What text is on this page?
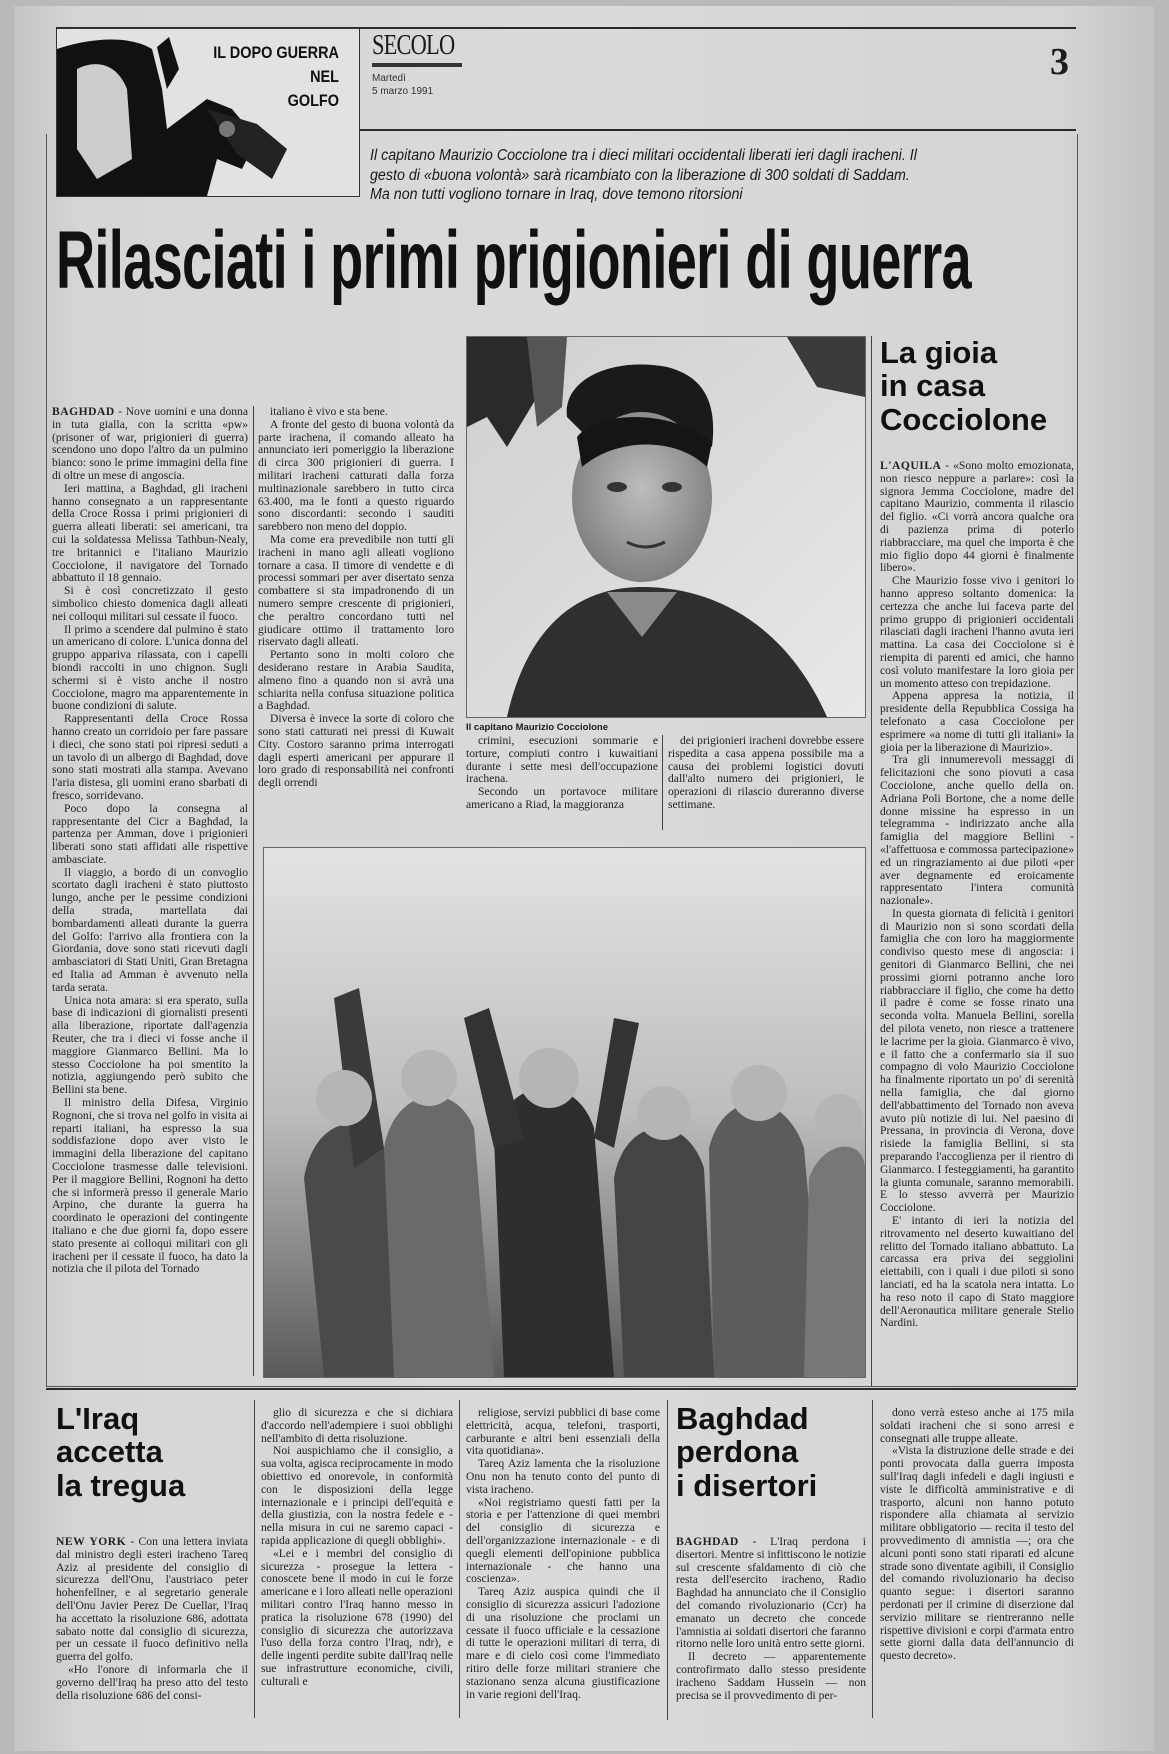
IL DOPO GUERRA
NEL
GOLFO
SECOLO
Martedì
5 marzo 1991
3
Il capitano Maurizio Cocciolone tra i dieci militari occidentali liberati ieri dagli iracheni. Il gesto di «buona volontà» sarà ricambiato con la liberazione di 300 soldati di Saddam. Ma non tutti vogliono tornare in Iraq, dove temono ritorsioni
Rilasciati i primi prigionieri di guerra

BAGHDAD - Nove uomini e una donna in tuta gialla, con la scritta «pw» (prisoner of war, prigionieri di guerra) scendono uno dopo l'altro da un pulmino bianco: sono le prime immagini della fine di oltre un mese di angoscia.

Ieri mattina, a Baghdad, gli iracheni hanno consegnato a un rappresentante della Croce Rossa i primi prigionieri di guerra alleati liberati: sei americani, tra cui la soldatessa Melissa Tathbun-Nealy, tre britannici e l'italiano Maurizio Cocciolone, il navigatore del Tornado abbattuto il 18 gennaio.

Si è così concretizzato il gesto simbolico chiesto domenica dagli alleati nei colloqui militari sul cessate il fuoco.

Il primo a scendere dal pulmino è stato un americano di colore. L'unica donna del gruppo appariva rilassata, con i capelli biondi raccolti in uno chignon. Sugli schermi si è visto anche il nostro Cocciolone, magro ma apparentemente in buone condizioni di salute.

Rappresentanti della Croce Rossa hanno creato un corridoio per fare passare i dieci, che sono stati poi ripresi seduti a un tavolo di un albergo di Baghdad, dove sono stati mostrati alla stampa. Avevano l'aria distesa, gli uomini erano sbarbati di fresco, sorridevano.

Poco dopo la consegna al rappresentante del Cicr a Baghdad, la partenza per Amman, dove i prigionieri liberati sono stati affidati alle rispettive ambasciate.

Il viaggio, a bordo di un convoglio scortato dagli iracheni è stato piuttosto lungo, anche per le pessime condizioni della strada, martellata dai bombardamenti alleati durante la guerra del Golfo: l'arrivo alla frontiera con la Giordania, dove sono stati ricevuti dagli ambasciatori di Stati Uniti, Gran Bretagna ed Italia ad Amman è avvenuto nella tarda serata.

Unica nota amara: si era sperato, sulla base di indicazioni di giornalisti presenti alla liberazione, riportate dall'agenzia Reuter, che tra i dieci vi fosse anche il maggiore Gianmarco Bellini. Ma lo stesso Cocciolone ha poi smentito la notizia, aggiungendo però subito che Bellini sta bene.

Il ministro della Difesa, Virginio Rognoni, che si trova nel golfo in visita ai reparti italiani, ha espresso la sua soddisfazione dopo aver visto le immagini della liberazione del capitano Cocciolone trasmesse dalle televisioni. Per il maggiore Bellini, Rognoni ha detto che si informerà presso il generale Mario Arpino, che durante la guerra ha coordinato le operazioni del contingente italiano e che due giorni fa, dopo essere stato presente ai colloqui militari con gli iracheni per il cessate il fuoco, ha dato la notizia che il pilota del Tornado

italiano è vivo e sta bene.

A fronte del gesto di buona volontà da parte irachena, il comando alleato ha annunciato ieri pomeriggio la liberazione di circa 300 prigionieri di guerra. I militari iracheni catturati dalla forza multinazionale sarebbero in tutto circa 63.400, ma le fonti a questo riguardo sono discordanti: secondo i sauditi sarebbero non meno del doppio.

Ma come era prevedibile non tutti gli iracheni in mano agli alleati vogliono tornare a casa. Il timore di vendette e di processi sommari per aver disertato senza combattere si sta impadronendo di un numero sempre crescente di prigionieri, che peraltro concordano tutti nel giudicare ottimo il trattamento loro riservato dagli alleati.

Pertanto sono in molti coloro che desiderano restare in Arabia Saudita, almeno fino a quando non si avrà una schiarita nella confusa situazione politica a Baghdad.

Diversa è invece la sorte di coloro che sono stati catturati nei pressi di Kuwait City. Costoro saranno prima interrogati dagli esperti americani per appurare il loro grado di responsabilità nei confronti degli orrendi

Il capitano Maurizio Cocciolone

crimini, esecuzioni sommarie e torture, compiuti contro i kuwaitiani durante i sette mesi dell'occupazione irachena.

Secondo un portavoce militare americano a Riad, la maggioranza

dei prigionieri iracheni dovrebbe essere rispedita a casa appena possibile ma a causa dei problemi logistici dovuti dall'alto numero dei prigionieri, le operazioni di rilascio dureranno diverse settimane.

La gioia
in casa
Cocciolone

L'AQUILA - «Sono molto emozionata, non riesco neppure a parlare»: così la signora Jemma Cocciolone, madre del capitano Maurizio, commenta il rilascio del figlio. «Ci vorrà ancora qualche ora di pazienza prima di poterlo riabbracciare, ma quel che importa è che mio figlio dopo 44 giorni è finalmente libero».

Che Maurizio fosse vivo i genitori lo hanno appreso soltanto domenica: la certezza che anche lui faceva parte del primo gruppo di prigionieri occidentali rilasciati dagli iracheni l'hanno avuta ieri mattina. La casa dei Cocciolone si è riempita di parenti ed amici, che hanno così voluto manifestare la loro gioia per un momento atteso con trepidazione.

Appena appresa la notizia, il presidente della Repubblica Cossiga ha telefonato a casa Cocciolone per esprimere «a nome di tutti gli italiani» la gioia per la liberazione di Maurizio».

Tra gli innumerevoli messaggi di felicitazioni che sono piovuti a casa Cocciolone, anche quello della on. Adriana Poli Bortone, che a nome delle donne missine ha espresso in un telegramma - indirizzato anche alla famiglia del maggiore Bellini - «l'affettuosa e commossa partecipazione» ed un ringraziamento ai due piloti «per aver degnamente ed eroicamente rappresentato l'intera comunità nazionale».

In questa giornata di felicità i genitori di Maurizio non si sono scordati della famiglia che con loro ha maggiormente condiviso questo mese di angoscia: i genitori di Gianmarco Bellini, che nei prossimi giorni potranno anche loro riabbracciare il figlio, che come ha detto il padre è come se fosse rinato una seconda volta. Manuela Bellini, sorella del pilota veneto, non riesce a trattenere le lacrime per la gioia. Gianmarco è vivo, e il fatto che a confermarlo sia il suo compagno di volo Maurizio Cocciolone ha finalmente riportato un po' di serenità nella famiglia, che dal giorno dell'abbattimento del Tornado non aveva avuto più notizie di lui. Nel paesino di Pressana, in provincia di Verona, dove risiede la famiglia Bellini, si sta preparando l'accoglienza per il rientro di Gianmarco. I festeggiamenti, ha garantito la giunta comunale, saranno memorabili. E lo stesso avverrà per Maurizio Cocciolone.

E' intanto di ieri la notizia del ritrovamento nel deserto kuwaitiano del relitto del Tornado italiano abbattuto. La carcassa era priva dei seggiolini eiettabili, con i quali i due piloti si sono lanciati, ed ha la scatola nera intatta. Lo ha reso noto il capo di Stato maggiore dell'Aeronautica militare generale Stelio Nardini.

L'Iraq
accetta
la tregua

NEW YORK - Con una lettera inviata dal ministro degli esteri iracheno Tareq Aziz al presidente del consiglio di sicurezza dell'Onu, l'austriaco peter hohenfellner, e al segretario generale dell'Onu Javier Perez De Cuellar, l'Iraq ha accettato la risoluzione 686, adottata sabato notte dal consiglio di sicurezza, per un cessate il fuoco definitivo nella guerra del golfo.

«Ho l'onore di informarla che il governo dell'Iraq ha preso atto del testo della risoluzione 686 del consi-

glio di sicurezza e che si dichiara d'accordo nell'adempiere i suoi obblighi nell'ambito di detta risoluzione.

Noi auspichiamo che il consiglio, a sua volta, agisca reciprocamente in modo obiettivo ed onorevole, in conformità con le disposizioni della legge internazionale e i principi dell'equità e della giustizia, con la nostra fedele e - nella misura in cui ne saremo capaci - rapida applicazione di quegli obblighi».

«Lei e i membri del consiglio di sicurezza - prosegue la lettera - conoscete bene il modo in cui le forze americane e i loro alleati nelle operazioni militari contro l'Iraq hanno messo in pratica la risoluzione 678 (1990) del consiglio di sicurezza che autorizzava l'uso della forza contro l'Iraq, ndr), e delle ingenti perdite subite dall'Iraq nelle sue infrastrutture economiche, civili, culturali e

religiose, servizi pubblici di base come elettricità, acqua, telefoni, trasporti, carburante e altri beni essenziali della vita quotidiana».

Tareq Aziz lamenta che la risoluzione Onu non ha tenuto conto del punto di vista iracheno.

«Noi registriamo questi fatti per la storia e per l'attenzione di quei membri del consiglio di sicurezza e dell'organizzazione internazionale - e di quegli elementi dell'opinione pubblica internazionale - che hanno una coscienza».

Tareq Aziz auspica quindi che il consiglio di sicurezza assicuri l'adozione di una risoluzione che proclami un cessate il fuoco ufficiale e la cessazione di tutte le operazioni militari di terra, di mare e di cielo così come l'immediato ritiro delle forze militari straniere che stazionano senza alcuna giustificazione in varie regioni dell'Iraq.

Baghdad
perdona
i disertori

BAGHDAD - L'Iraq perdona i disertori. Mentre si infittiscono le notizie sul crescente sfaldamento di ciò che resta dell'esercito iracheno, Radio Baghdad ha annunciato che il Consiglio del comando rivoluzionario (Ccr) ha emanato un decreto che concede l'amnistia ai soldati disertori che faranno ritorno nelle loro unità entro sette giorni.

Il decreto — apparentemente controfirmato dallo stesso presidente iracheno Saddam Hussein — non precisa se il provvedimento di per-

dono verrà esteso anche ai 175 mila soldati iracheni che si sono arresi e consegnati alle truppe alleate.

«Vista la distruzione delle strade e dei ponti provocata dalla guerra imposta sull'Iraq dagli infedeli e dagli ingiusti e viste le difficoltà amministrative e di trasporto, alcuni non hanno potuto rispondere alla chiamata al servizio militare obbligatorio — recita il testo del provvedimento di amnistia —; ora che alcuni ponti sono stati riparati ed alcune strade sono diventate agibili, il Consiglio del comando rivoluzionario ha deciso quanto segue: i disertori saranno perdonati per il crimine di diserzione dal servizio militare se rientreranno nelle rispettive divisioni e corpi d'armata entro sette giorni dalla data dell'annuncio di questo decreto».
